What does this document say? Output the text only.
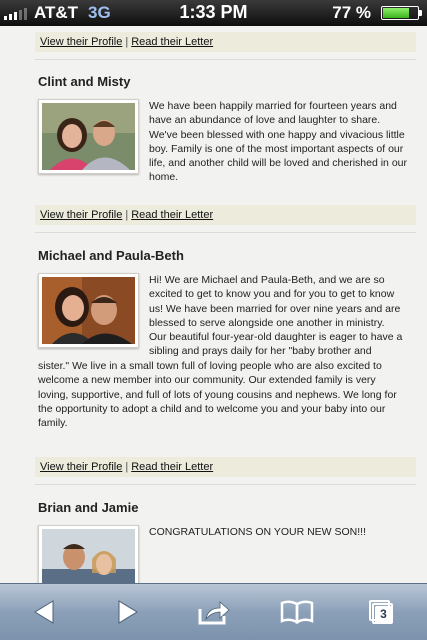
AT&T 3G	1:33 PM	77 %
View their Profile | Read their Letter
Clint and Misty
We have been happily married for fourteen years and
have an abundance of love and laughter to share.
We've been blessed with one happy and vivacious little
boy. Family is one of the most important aspects of our
life, and another child will be loved and cherished in our
home.
View their Profile | Read their Letter
Michael and Paula-Beth
Hi! We are Michael and Paula-Beth, and we are so
excited to get to know you and for you to get to know
us! We have been married for over nine years and are
blessed to serve alongside one another in ministry.
Our beautiful four-year-old daughter is eager to have a
sibling and prays daily for her "baby brother and
sister." We live in a small town full of loving people who are also excited to
welcome a new member into our community. Our extended family is very
loving, supportive, and full of lots of young cousins and nephews. We long for
the opportunity to adopt a child and to welcome you and your baby into our
family.
View their Profile | Read their Letter
Brian and Jamie
CONGRATULATIONS ON YOUR NEW SON!!!
3
